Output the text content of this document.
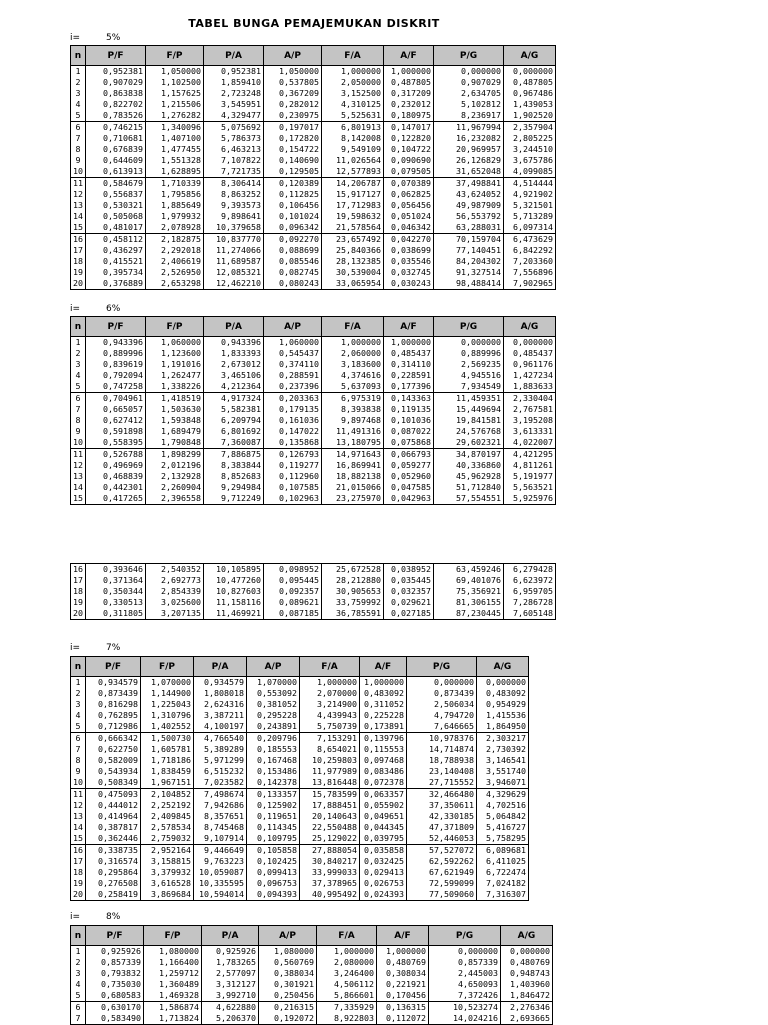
TABEL BUNGA PEMAJEMUKAN DISKRIT
i=	5%
n	P/F	F/P	P/A	A/P	F/A	A/F	P/G	A/G
1	0,952381	1,050000	0,952381	1,050000	1,000000	1,000000	0,000000	0,000000
2	0,907029	1,102500	1,859410	0,537805	2,050000	0,487805	0,907029	0,487805
3	0,863838	1,157625	2,723248	0,367209	3,152500	0,317209	2,634705	0,967486
4	0,822702	1,215506	3,545951	0,282012	4,310125	0,232012	5,102812	1,439053
5	0,783526	1,276282	4,329477	0,230975	5,525631	0,180975	8,236917	1,902520
6	0,746215	1,340096	5,075692	0,197017	6,801913	0,147017	11,967994	2,357904
7	0,710681	1,407100	5,786373	0,172820	8,142008	0,122820	16,232082	2,805225
8	0,676839	1,477455	6,463213	0,154722	9,549109	0,104722	20,969957	3,244510
9	0,644609	1,551328	7,107822	0,140690	11,026564	0,090690	26,126829	3,675786
10	0,613913	1,628895	7,721735	0,129505	12,577893	0,079505	31,652048	4,099085
11	0,584679	1,710339	8,306414	0,120389	14,206787	0,070389	37,498841	4,514444
12	0,556837	1,795856	8,863252	0,112825	15,917127	0,062825	43,624052	4,921902
13	0,530321	1,885649	9,393573	0,106456	17,712983	0,056456	49,987909	5,321501
14	0,505068	1,979932	9,898641	0,101024	19,598632	0,051024	56,553792	5,713289
15	0,481017	2,078928	10,379658	0,096342	21,578564	0,046342	63,288031	6,097314
16	0,458112	2,182875	10,837770	0,092270	23,657492	0,042270	70,159704	6,473629
17	0,436297	2,292018	11,274066	0,088699	25,840366	0,038699	77,140451	6,842292
18	0,415521	2,406619	11,689587	0,085546	28,132385	0,035546	84,204302	7,203360
19	0,395734	2,526950	12,085321	0,082745	30,539004	0,032745	91,327514	7,556896
20	0,376889	2,653298	12,462210	0,080243	33,065954	0,030243	98,488414	7,902965
i=	6%
n	P/F	F/P	P/A	A/P	F/A	A/F	P/G	A/G
1	0,943396	1,060000	0,943396	1,060000	1,000000	1,000000	0,000000	0,000000
2	0,889996	1,123600	1,833393	0,545437	2,060000	0,485437	0,889996	0,485437
3	0,839619	1,191016	2,673012	0,374110	3,183600	0,314110	2,569235	0,961176
4	0,792094	1,262477	3,465106	0,288591	4,374616	0,228591	4,945516	1,427234
5	0,747258	1,338226	4,212364	0,237396	5,637093	0,177396	7,934549	1,883633
6	0,704961	1,418519	4,917324	0,203363	6,975319	0,143363	11,459351	2,330404
7	0,665057	1,503630	5,582381	0,179135	8,393838	0,119135	15,449694	2,767581
8	0,627412	1,593848	6,209794	0,161036	9,897468	0,101036	19,841581	3,195208
9	0,591898	1,689479	6,801692	0,147022	11,491316	0,087022	24,576768	3,613331
10	0,558395	1,790848	7,360087	0,135868	13,180795	0,075868	29,602321	4,022007
11	0,526788	1,898299	7,886875	0,126793	14,971643	0,066793	34,870197	4,421295
12	0,496969	2,012196	8,383844	0,119277	16,869941	0,059277	40,336860	4,811261
13	0,468839	2,132928	8,852683	0,112960	18,882138	0,052960	45,962928	5,191977
14	0,442301	2,260904	9,294984	0,107585	21,015066	0,047585	51,712840	5,563521
15	0,417265	2,396558	9,712249	0,102963	23,275970	0,042963	57,554551	5,925976
16	0,393646	2,540352	10,105895	0,098952	25,672528	0,038952	63,459246	6,279428
17	0,371364	2,692773	10,477260	0,095445	28,212880	0,035445	69,401076	6,623972
18	0,350344	2,854339	10,827603	0,092357	30,905653	0,032357	75,356921	6,959705
19	0,330513	3,025600	11,158116	0,089621	33,759992	0,029621	81,306155	7,286728
20	0,311805	3,207135	11,469921	0,087185	36,785591	0,027185	87,230445	7,605148
i=	7%
n	P/F	F/P	P/A	A/P	F/A	A/F	P/G	A/G
1	0,934579	1,070000	0,934579	1,070000	1,000000	1,000000	0,000000	0,000000
2	0,873439	1,144900	1,808018	0,553092	2,070000	0,483092	0,873439	0,483092
3	0,816298	1,225043	2,624316	0,381052	3,214900	0,311052	2,506034	0,954929
4	0,762895	1,310796	3,387211	0,295228	4,439943	0,225228	4,794720	1,415536
5	0,712986	1,402552	4,100197	0,243891	5,750739	0,173891	7,646665	1,864950
6	0,666342	1,500730	4,766540	0,209796	7,153291	0,139796	10,978376	2,303217
7	0,622750	1,605781	5,389289	0,185553	8,654021	0,115553	14,714874	2,730392
8	0,582009	1,718186	5,971299	0,167468	10,259803	0,097468	18,788938	3,146541
9	0,543934	1,838459	6,515232	0,153486	11,977989	0,083486	23,140408	3,551740
10	0,508349	1,967151	7,023582	0,142378	13,816448	0,072378	27,715552	3,946071
11	0,475093	2,104852	7,498674	0,133357	15,783599	0,063357	32,466480	4,329629
12	0,444012	2,252192	7,942686	0,125902	17,888451	0,055902	37,350611	4,702516
13	0,414964	2,409845	8,357651	0,119651	20,140643	0,049651	42,330185	5,064842
14	0,387817	2,578534	8,745468	0,114345	22,550488	0,044345	47,371809	5,416727
15	0,362446	2,759032	9,107914	0,109795	25,129022	0,039795	52,446053	5,758295
16	0,338735	2,952164	9,446649	0,105858	27,888054	0,035858	57,527072	6,089681
17	0,316574	3,158815	9,763223	0,102425	30,840217	0,032425	62,592262	6,411025
18	0,295864	3,379932	10,059087	0,099413	33,999033	0,029413	67,621949	6,722474
19	0,276508	3,616528	10,335595	0,096753	37,378965	0,026753	72,599099	7,024182
20	0,258419	3,869684	10,594014	0,094393	40,995492	0,024393	77,509060	7,316307
i=	8%
n	P/F	F/P	P/A	A/P	F/A	A/F	P/G	A/G
1	0,925926	1,080000	0,925926	1,080000	1,000000	1,000000	0,000000	0,000000
2	0,857339	1,166400	1,783265	0,560769	2,080000	0,480769	0,857339	0,480769
3	0,793832	1,259712	2,577097	0,388034	3,246400	0,308034	2,445003	0,948743
4	0,735030	1,360489	3,312127	0,301921	4,506112	0,221921	4,650093	1,403960
5	0,680583	1,469328	3,992710	0,250456	5,866601	0,170456	7,372426	1,846472
6	0,630170	1,586874	4,622880	0,216315	7,335929	0,136315	10,523274	2,276346
7	0,583490	1,713824	5,206370	0,192072	8,922803	0,112072	14,024216	2,693665
